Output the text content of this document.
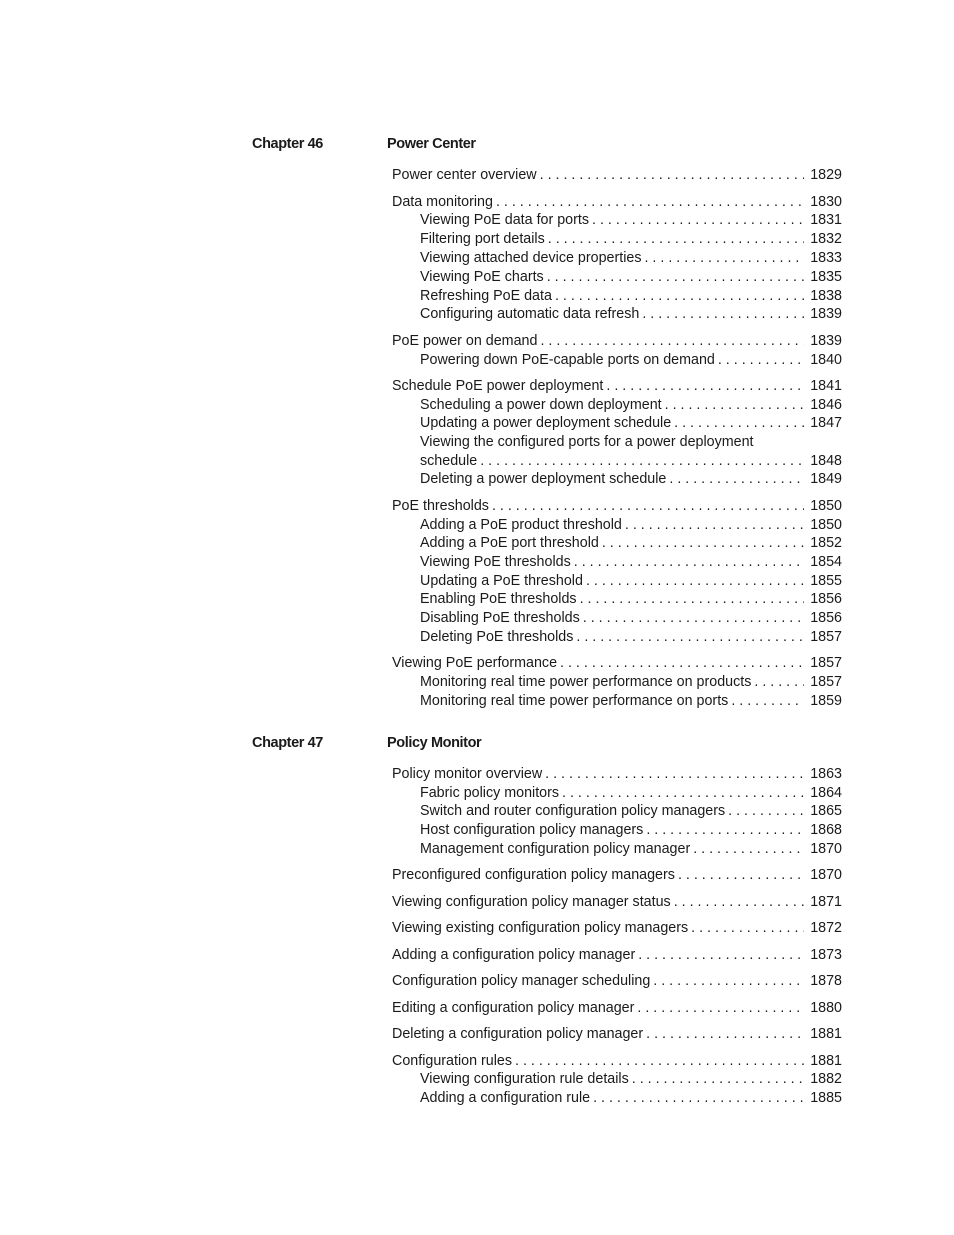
Chapter 46	Power Center
Power center overview . . .	1829
Data monitoring . . .	1830
Viewing PoE data for ports . . .	1831
Filtering port details . . .	1832
Viewing attached device properties . . .	1833
Viewing PoE charts . . .	1835
Refreshing PoE data . . .	1838
Configuring automatic data refresh . . .	1839
PoE power on demand . . .	1839
Powering down PoE-capable ports on demand . . .	1840
Schedule PoE power deployment . . .	1841
Scheduling a power down deployment . . .	1846
Updating a power deployment schedule . . .	1847
Viewing the configured ports for a power deployment
schedule . . .	1848
Deleting a power deployment schedule . . .	1849
PoE thresholds . . .	1850
Adding a PoE product threshold . . .	1850
Adding a PoE port threshold . . .	1852
Viewing PoE thresholds . . .	1854
Updating a PoE threshold . . .	1855
Enabling PoE thresholds . . .	1856
Disabling PoE thresholds . . .	1856
Deleting PoE thresholds . . .	1857
Viewing PoE performance . . .	1857
Monitoring real time power performance on products . . .	1857
Monitoring real time power performance on ports . . .	1859
Chapter 47	Policy Monitor
Policy monitor overview . . .	1863
Fabric policy monitors . . .	1864
Switch and router configuration policy managers . . .	1865
Host configuration policy managers . . .	1868
Management configuration policy manager . . .	1870
Preconfigured configuration policy managers . . .	1870
Viewing configuration policy manager status . . .	1871
Viewing existing configuration policy managers . . .	1872
Adding a configuration policy manager . . .	1873
Configuration policy manager scheduling . . .	1878
Editing a configuration policy manager . . .	1880
Deleting a configuration policy manager . . .	1881
Configuration rules . . .	1881
Viewing configuration rule details . . .	1882
Adding a configuration rule . . .	1885
